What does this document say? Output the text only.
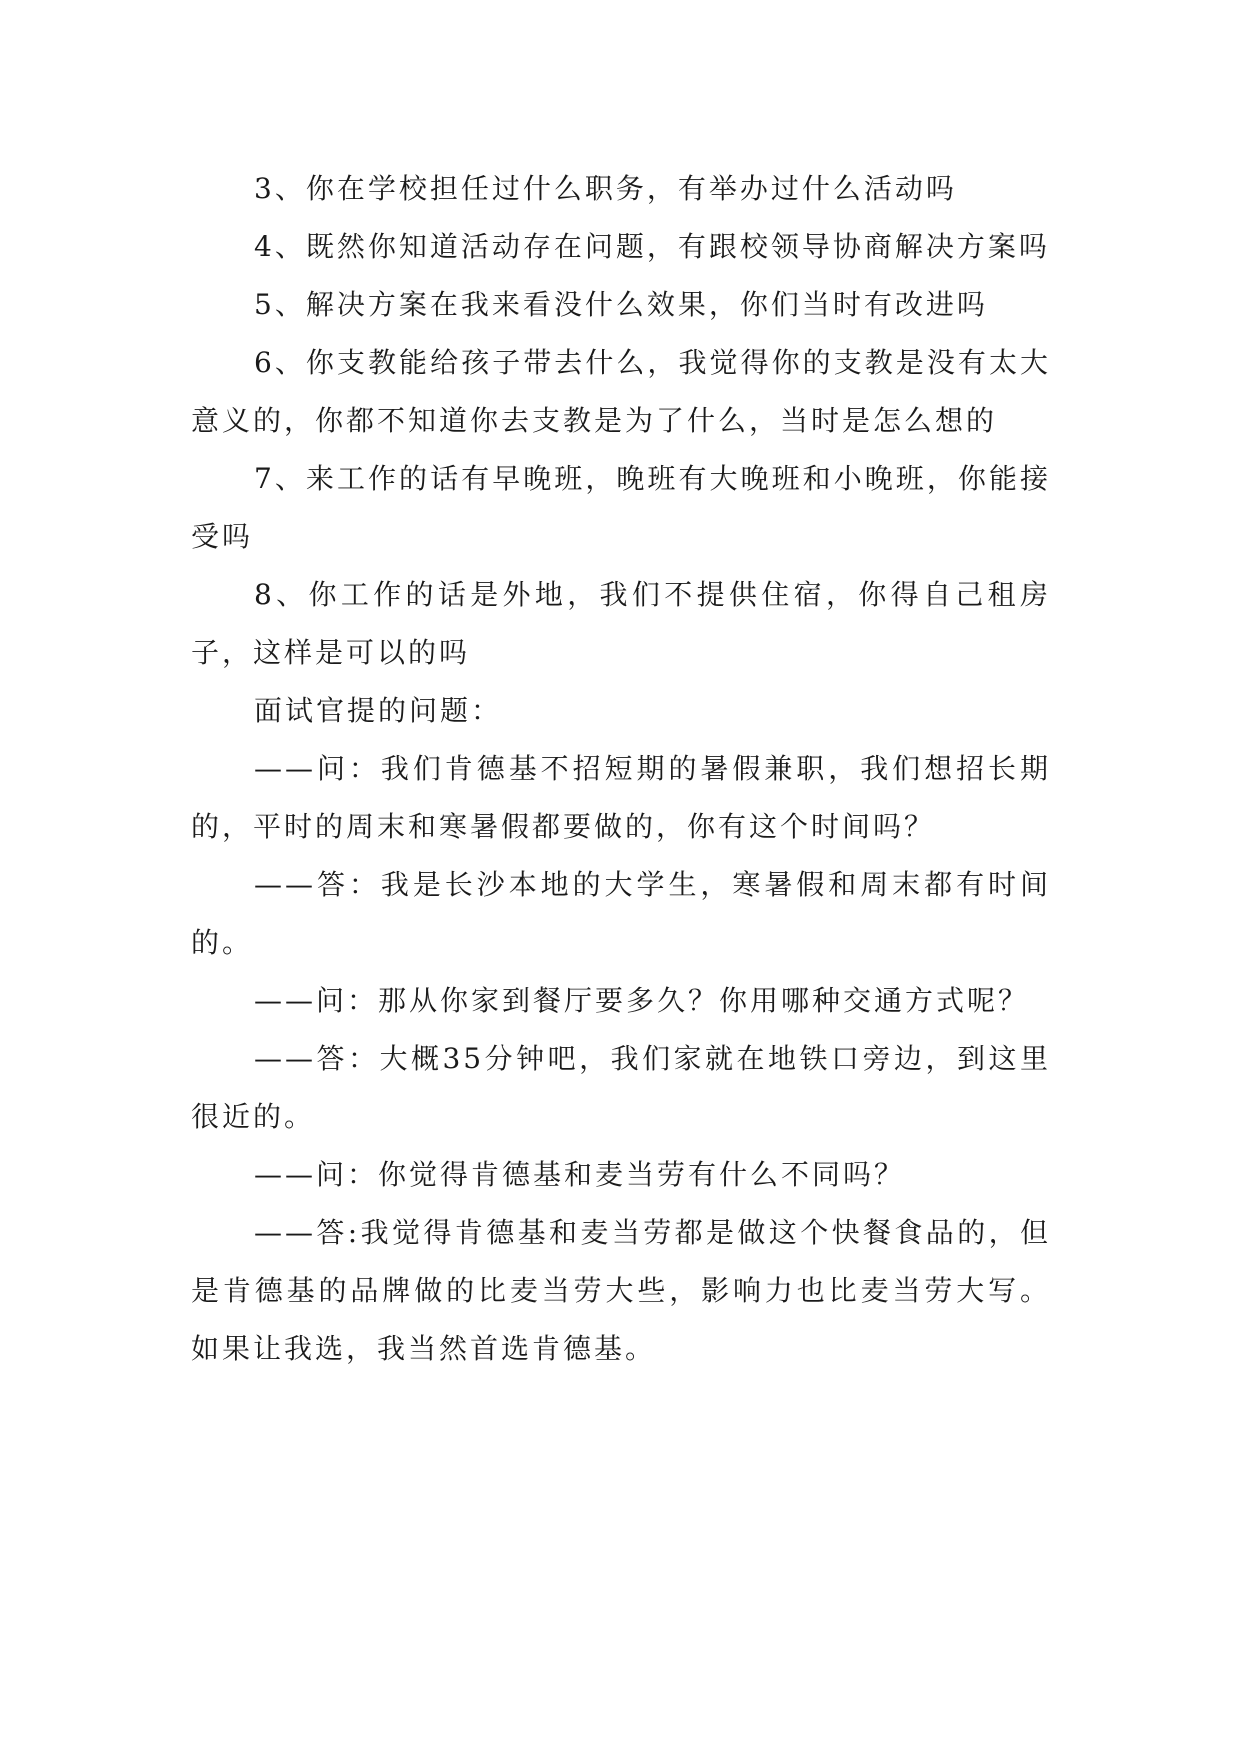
3、你在学校担任过什么职务，有举办过什么活动吗

4、既然你知道活动存在问题，有跟校领导协商解决方案吗

5、解决方案在我来看没什么效果，你们当时有改进吗

6、你支教能给孩子带去什么，我觉得你的支教是没有太大意义的，你都不知道你去支教是为了什么，当时是怎么想的

7、来工作的话有早晚班，晚班有大晚班和小晚班，你能接受吗

8、你工作的话是外地，我们不提供住宿，你得自己租房子，这样是可以的吗

面试官提的问题：

——问：我们肯德基不招短期的暑假兼职，我们想招长期的，平时的周末和寒暑假都要做的，你有这个时间吗？

——答：我是长沙本地的大学生，寒暑假和周末都有时间的。

——问：那从你家到餐厅要多久？你用哪种交通方式呢？

——答：大概35分钟吧，我们家就在地铁口旁边，到这里很近的。

——问：你觉得肯德基和麦当劳有什么不同吗？

——答:我觉得肯德基和麦当劳都是做这个快餐食品的，但是肯德基的品牌做的比麦当劳大些，影响力也比麦当劳大写。如果让我选，我当然首选肯德基。
